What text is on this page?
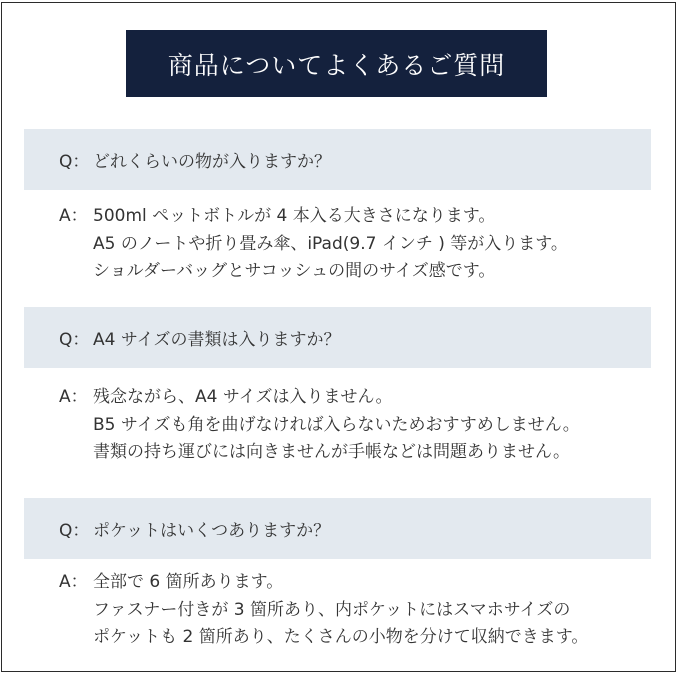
商品についてよくあるご質問
Q： どれくらいの物が入りますか？
A： 500ml ペットボトルが 4 本入る大きさになります。
A5 のノートや折り畳み傘、iPad(9.7 インチ ) 等が入ります。
ショルダーバッグとサコッシュの間のサイズ感です。
Q： A4 サイズの書類は入りますか？
A： 残念ながら、A4 サイズは入りません。
B5 サイズも角を曲げなければ入らないためおすすめしません。
書類の持ち運びには向きませんが手帳などは問題ありません。
Q： ポケットはいくつありますか？
A： 全部で 6 箇所あります。
ファスナー付きが 3 箇所あり、内ポケットにはスマホサイズの
ポケットも 2 箇所あり、たくさんの小物を分けて収納できます。
